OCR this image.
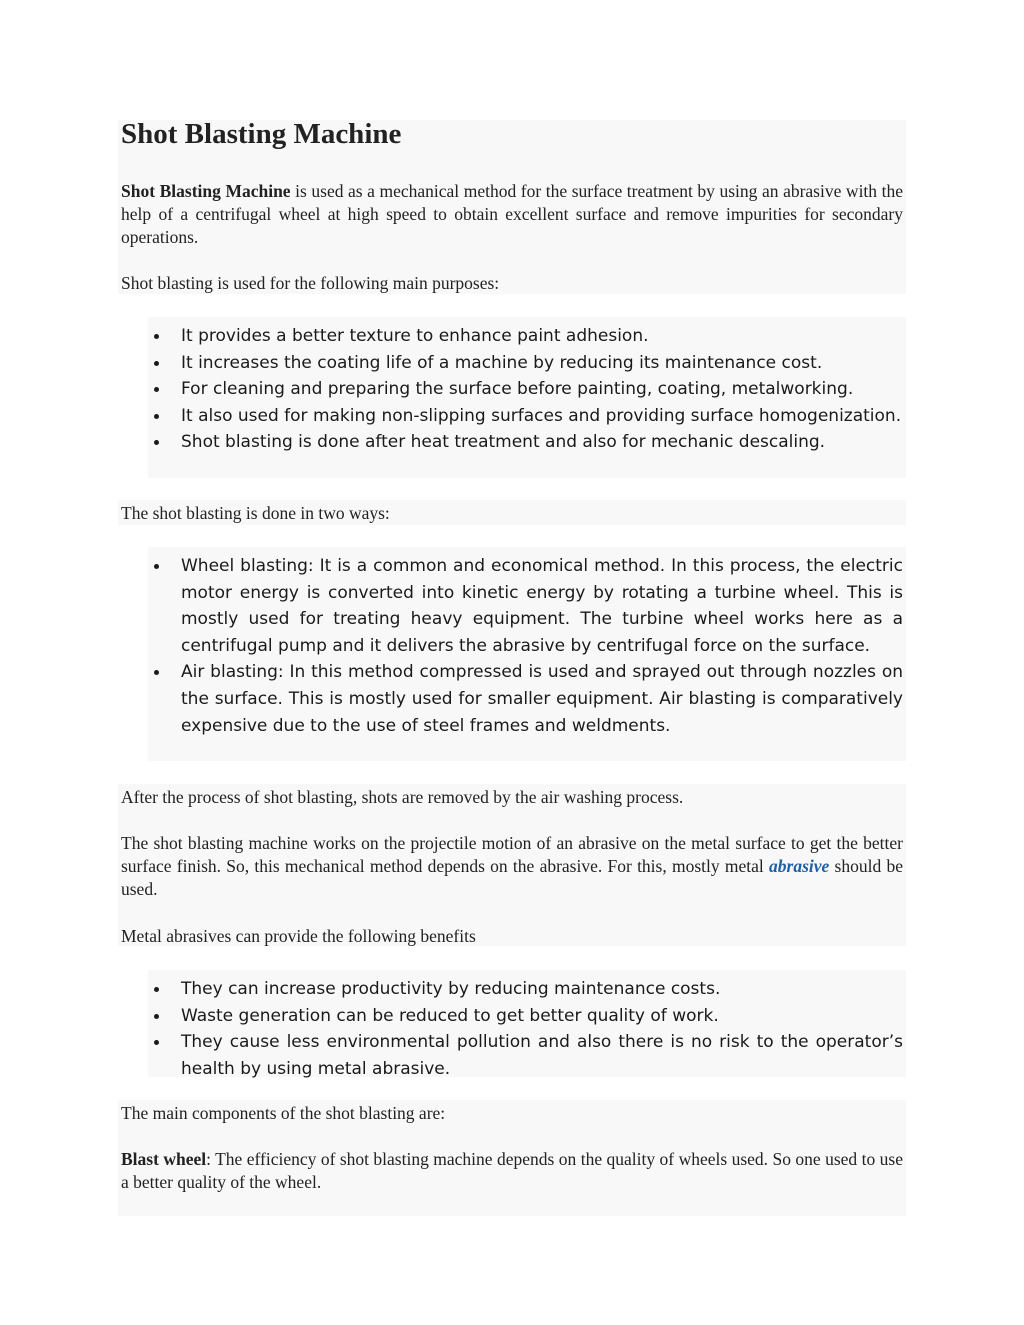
Shot Blasting Machine

Shot Blasting Machine is used as a mechanical method for the surface treatment by using an abrasive with the help of a centrifugal wheel at high speed to obtain excellent surface and remove impurities for secondary operations.

Shot blasting is used for the following main purposes:

It provides a better texture to enhance paint adhesion.
It increases the coating life of a machine by reducing its maintenance cost.
For cleaning and preparing the surface before painting, coating, metalworking.
It also used for making non-slipping surfaces and providing surface homogenization.
Shot blasting is done after heat treatment and also for mechanic descaling.

The shot blasting is done in two ways:

Wheel blasting: It is a common and economical method. In this process, the electric motor energy is converted into kinetic energy by rotating a turbine wheel. This is mostly used for treating heavy equipment. The turbine wheel works here as a centrifugal pump and it delivers the abrasive by centrifugal force on the surface.
Air blasting: In this method compressed is used and sprayed out through nozzles on the surface. This is mostly used for smaller equipment. Air blasting is comparatively expensive due to the use of steel frames and weldments.

After the process of shot blasting, shots are removed by the air washing process.

The shot blasting machine works on the projectile motion of an abrasive on the metal surface to get the better surface finish. So, this mechanical method depends on the abrasive. For this, mostly metal abrasive should be used.

Metal abrasives can provide the following benefits

They can increase productivity by reducing maintenance costs.
Waste generation can be reduced to get better quality of work.
They cause less environmental pollution and also there is no risk to the operator’s health by using metal abrasive.

The main components of the shot blasting are:

Blast wheel: The efficiency of shot blasting machine depends on the quality of wheels used. So one used to use a better quality of the wheel.
